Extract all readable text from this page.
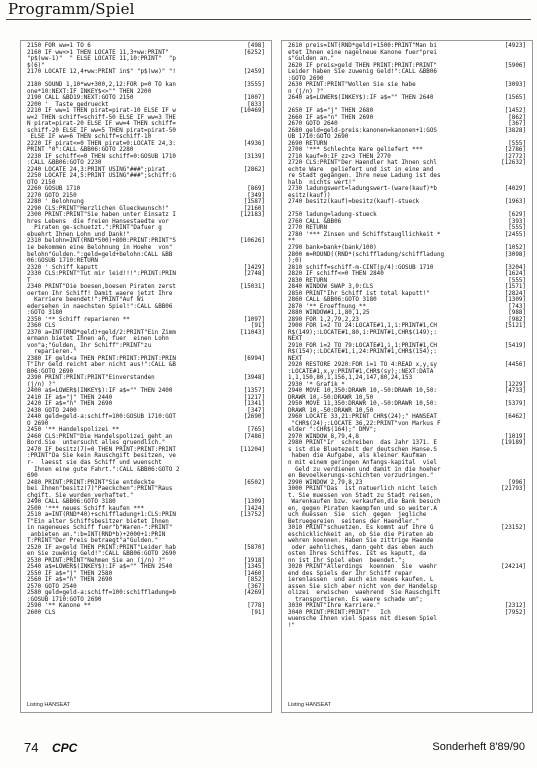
Programm/Spiel
2150 FOR ww=1 TO 6	[498]
2160 IF ww<>1 THEN LOCATE 11,3+ww:PRINT"	[6252]
"p$(ww-1)"  " ELSE LOCATE 11,10:PRINT"  "p
$(6)"
2170 LOCATE 12,4+ww:PRINT in$" "p$(ww)" "!	[2459]
2180 SOUND 1,10*ww+300,2,12:FOR p=0 TO kan	[3555]
one*10:NEXT:IF INKEY$<>"" THEN 2200
2190 CALL &BD19:NEXT:GOTO 2150	[1007]
2200 '  Taste gedrueckt	[833]
2210 IF ww=1 THEN pirat=pirat-10 ELSE IF w	[10469]
w=2 THEN schiff=schiff-50 ELSE IF ww=3 THE
N pirat=pirat-20 ELSE IF ww=4 THEN schiff=
schiff-20 ELSE IF ww=5 THEN pirat=pirat-50
ELSE IF ww=6 THEN schiff=schiff-10
2220 IF pirat<=0 THEN pirat=0:LOCATE 24,3:	[4936]
PRINT "0":CALL &BB06:GOTO 2280
2230 IF schiff<=0 THEN schiff=0:GOSUB 1710	[3139]
:CALL &BB06:GOTO 2230
2240 LOCATE 24,3:PRINT USING"###";pirat	[2862]
2250 LOCATE 24,5:PRINT USING"###";schiff:G
OTO 2150
2260 GOSUB 1710	[869]
2270 GOTO 2150	[349]
2280 ' Belohnung	[1587]
2290 CLS:PRINT"Herzlichen Glueckwunsch!"	[2160]
2300 PRINT:PRINT"Sie haben unter Einsatz I	[12183]
hres Lebens  die freien Hansestaedte vor
Piraten ge-schuetzt.":PRINT"Dafuer g
ebuehrt Ihnen Lohn und Dank!"
2310 belohn=INT(RND*500)+800:PRINT:PRINT"S	[10626]
ie bekommen eine Belohnung in Hoehe  von"
belohn"Gulden.":geld=geld+belohn:CALL &BB
06:GOSUB 1710:RETURN
2320 ' Schiff kaputt	[1429]
2330 CLS:PRINT"Tut mir leid!!!":PRINT:PRIN	[2748]
T
2340 PRINT"Die boesen,boesen Piraten zerst	[15031]
oerten Ihr Schiff! Damit waere jetzt Ihre
Karriere beendet!":PRINT"Auf Wi
edersehen in naechsten Spiel!":CALL &BB06
:GOTO 3180
2350 '** Schiff reparieren **	[1097]
2360 CLS	[91]
2370 a=INT(RND*geld)+geld/2:PRINT"Ein Zimm	[11043]
ermann bietet Ihnen an, fuer  einen Lohn
von"a;"Gulden, Ihr Schiff":PRINT"zu
reparieren."
2380 IF geld<a THEN PRINT:PRINT:PRINT:PRIN	[6994]
T"Ihr Geld reicht aber nicht aus!":CALL &B
B06:GOTO 2690
2390 PRINT:PRINT:PRINT"Einverstanden	[3948]
(j/n) ?"
2400 a$=LOWER$(INKEY$):IF a$="" THEN 2400	[1357]
2410 IF a$="j" THEN 2440	[1217]
2420 IF a$="n" THEN 2690	[1341]
2430 GOTO 2400	[347]
2440 geld=geld-a:schiff=100:GOSUB 1710:GOT	[2690]
O 2690
2450 '** Handelspolizei **	[765]
2460 CLS:PRINT"Die Handelspolizei geht an	[7486]
Bord.Sie  untersucht alles gruendlich."
2470 IF besitz(7)=0 THEN PRINT:PRINT:PRINT	[11204]
:PRINT"Da Sie kein Rauschgift besitzen, ve
r-  laesst sie das Schiff und wuenscht
Ihnen eine gute Fahrt.":CALL &BB06:GOTO 2
690
2480 PRINT:PRINT:PRINT"Sie entdeckte	[6502]
bei Ihnen"besitz(7)"Paeckchen":PRINT"Raus
chgift. Sie wurden verhaftet."
2490 CALL &BB06:GOTO 3180	[1309]
2500 '*** neues Schiff kaufen ***	[1424]
2510 a=INT(RND*40)+schiffladung+1:CLS:PRIN	[13752]
T"Ein alter Schiffsbesitzer bietet Ihnen
in nageneues Schiff fuer"b"Waren-":PRINT"
anbieten an.":b=INT(RND*b)+2000+1:PRIN
T:PRINT"Der Preis betraegt"a"Gulden."
2520 IF a>geld THEN PRINT:PRINT"Leider hab	[5870]
en Sie zuwenig Geld!":CALL &BB06:GOTO 2690
2530 PRINT:PRINT"Nehmen Sie an (j/n) ?"	[1918]
2540 a$=LOWER$(INKEY$):IF a$="" THEN 2540	[1345]
2550 IF a$="j" THEN 2580	[1460]
2560 IF a$="n" THEN 2690	[852]
2570 GOTO 2540	[367]
2580 geld=geld-a:schiff=100:schiffladung=b	[4269]
:GOSUB 1710:GOTO 2690
2590 '** Kanone **	[778]
2600 CLS	[91]
Listing HANSEAT
2610 preis=INT(RND*geld)+1500:PRINT"Man bi	[4923]
etet Ihnen eine nagelneue Kanone fuer"prei
s"Gulden an."
2620 IF preis>geld THEN PRINT:PRINT:PRINT"	[5906]
Leider haben Sie zuwenig Geld!":CALL &BB06
:GOTO 2690
2630 PRINT:PRINT"Wollen Sie sie habe	[3093]
n (j/n) ?"
2640 a$=LOWER$(INKEY$):IF a$="" THEN 2640	[1565]
2650 IF a$="j" THEN 2680	[1452]
2660 IF a$="n" THEN 2690	[862]
2670 GOTO 2640	[367]
2680 geld=geld-preis:kanonen=kanonen+1:GOS	[3828]
UB 1710:GOTO 2690
2690 RETURN	[555]
2700 '*** Schlechte Ware geliefert ***	[2786]
2710 kauf=0:IF zz<3 THEN 2770	[2772]
2720 CLS:PRINT"Der Haendler hat Ihnen schl	[12632]
echte Ware  geliefert und ist in eine and
re Stadt gegangen. Ihre neue Ladung ist des
halb  nichts wert!"
2730 ladungswert=ladungswert-(ware(kauf)*b	[4029]
esitz(kauf))
2740 besitz(kauf)=besitz(kauf)-stueck	[1963]
2750 ladung=ladung-stueck	[629]
2760 CALL &BB06	[393]
2770 RETURN	[555]
2780 '*** Zinsen und Schiffstaugllichkeit *	[2455]
**
2790 bank=bank+(bank/100)	[1052]
2800 m=ROUND((RND*(schiffladung/schiffladung	[3098]
);0)
2810 schiff=schiff-m-CINT(p/4):GOSUB 1710	[3204]
2820 IF schiff<=0 THEN 2840	[1624]
2830 RETURN	[555]
2840 WINDOW SWAP 3,0:CLS	[1571]
2850 PRINT"Ihr Schiff ist total kaputt!"	[2824]
2860 CALL &BB06:GOTO 3180	[1309]
2870 '** Eroeffnung **	[743]
2880 WINDOW#1,1,80,1,25	[988]
2890 FOR 1,2,79,2,23	[982]
2900 FOR i=2 TO 24:LOCATE#1,1,i:PRINT#1,CH	[5121]
R$(149);:LOCATE#1,80,i:PRINT#1,CHR$(149);:
NEXT
2910 FOR i=2 TO 79:LOCATE#1,i,1:PRINT#1,CH	[5419]
R$(154);:LOCATE#1,i,24:PRINT#1,CHR$(154);:
NEXT
2920 RESTORE 2920:FOR i=1 TO 4:READ x,y,sy	[4456]
:LOCATE#1,x,y:PRINT#1,CHR$(sy);:NEXT:DATA
1,1,150,80,1,156,1,24,147,80,24,153
2930 '* Grafik *	[1229]
2940 MOVE 10,350:DRAWR 10,-50:DRAWR 10,50:	[4733]
DRAWR 10,-50:DRAWR 10,50
2950 MOVE 11,350:DRAWR 10,-50:DRAWR 10,50:	[5379]
DRAWR 10,-50:DRAWR 10,50
2960 LOCATE 33,21:PRINT CHR$(24);" HANSEAT	[6462]
"CHR$(24);:LOCATE 36,22:PRINT"von Markus F
elder ":CHR$(164);" DMV";
2970 WINDOW 8,79,4,8	[1019]
2980 PRINT"Ir  schreiben  das Jahr 1371. E	[19189]
s ist die Bluetezeit der deutschen Hanse.S
haben die Aufgabe, als kleiner Kaufman
n mit einem geringen Anfangs-kapital  viel
Geld zu verdienen und damit in die hoeher
en Bevoelkerungs-schichten vorzudringen."
2990 WINDOW 2,79,8,23	[996]
3000 PRINT"Das  ist natuerlich nicht leich	[21793]
t. Sie muessen von Stadt zu Stadt reisen,
Warenkaufen bzw. verkaufen,die Bank besuch
en, gegen Piraten kaempfen und so weiter.A
uch muessen  Sie  sich  gegen  jegliche
Betruegereien  seitens der Haendler."
3010 PRINT"schuetzen. Es kommt auf Ihre G	[23152]
eschicklichkeit an, ob Sie die Piraten ab
wehren koennen. Haben Sie zittrige Haende
oder aehnliches, dann geht das eben auch
osten Ihres Schiffes. Ist es kaputt, da
nn ist Ihr Spiel eben  beendet.";
3020 PRINT"Allerdings  koennen  Sie  waehr	[24214]
end des Spiels der Ihr Schiff repar
ierenlassen  und auch ein neues kaufen. L
assen Sie sich aber nicht von der Handelsp
olizei  erwischen  waehrend  Sie Rauschgift
transportieren. Es waere schade um";
3030 PRINT"Ihre Karriere."	[2312]
3040 PRINT:PRINT:PRINT"   Ich	[7952]
wuensche Ihnen viel Spass mit diesem Spiel
!"
Listing HANSEAT
74 CPC	Sonderheft 8'89/90
